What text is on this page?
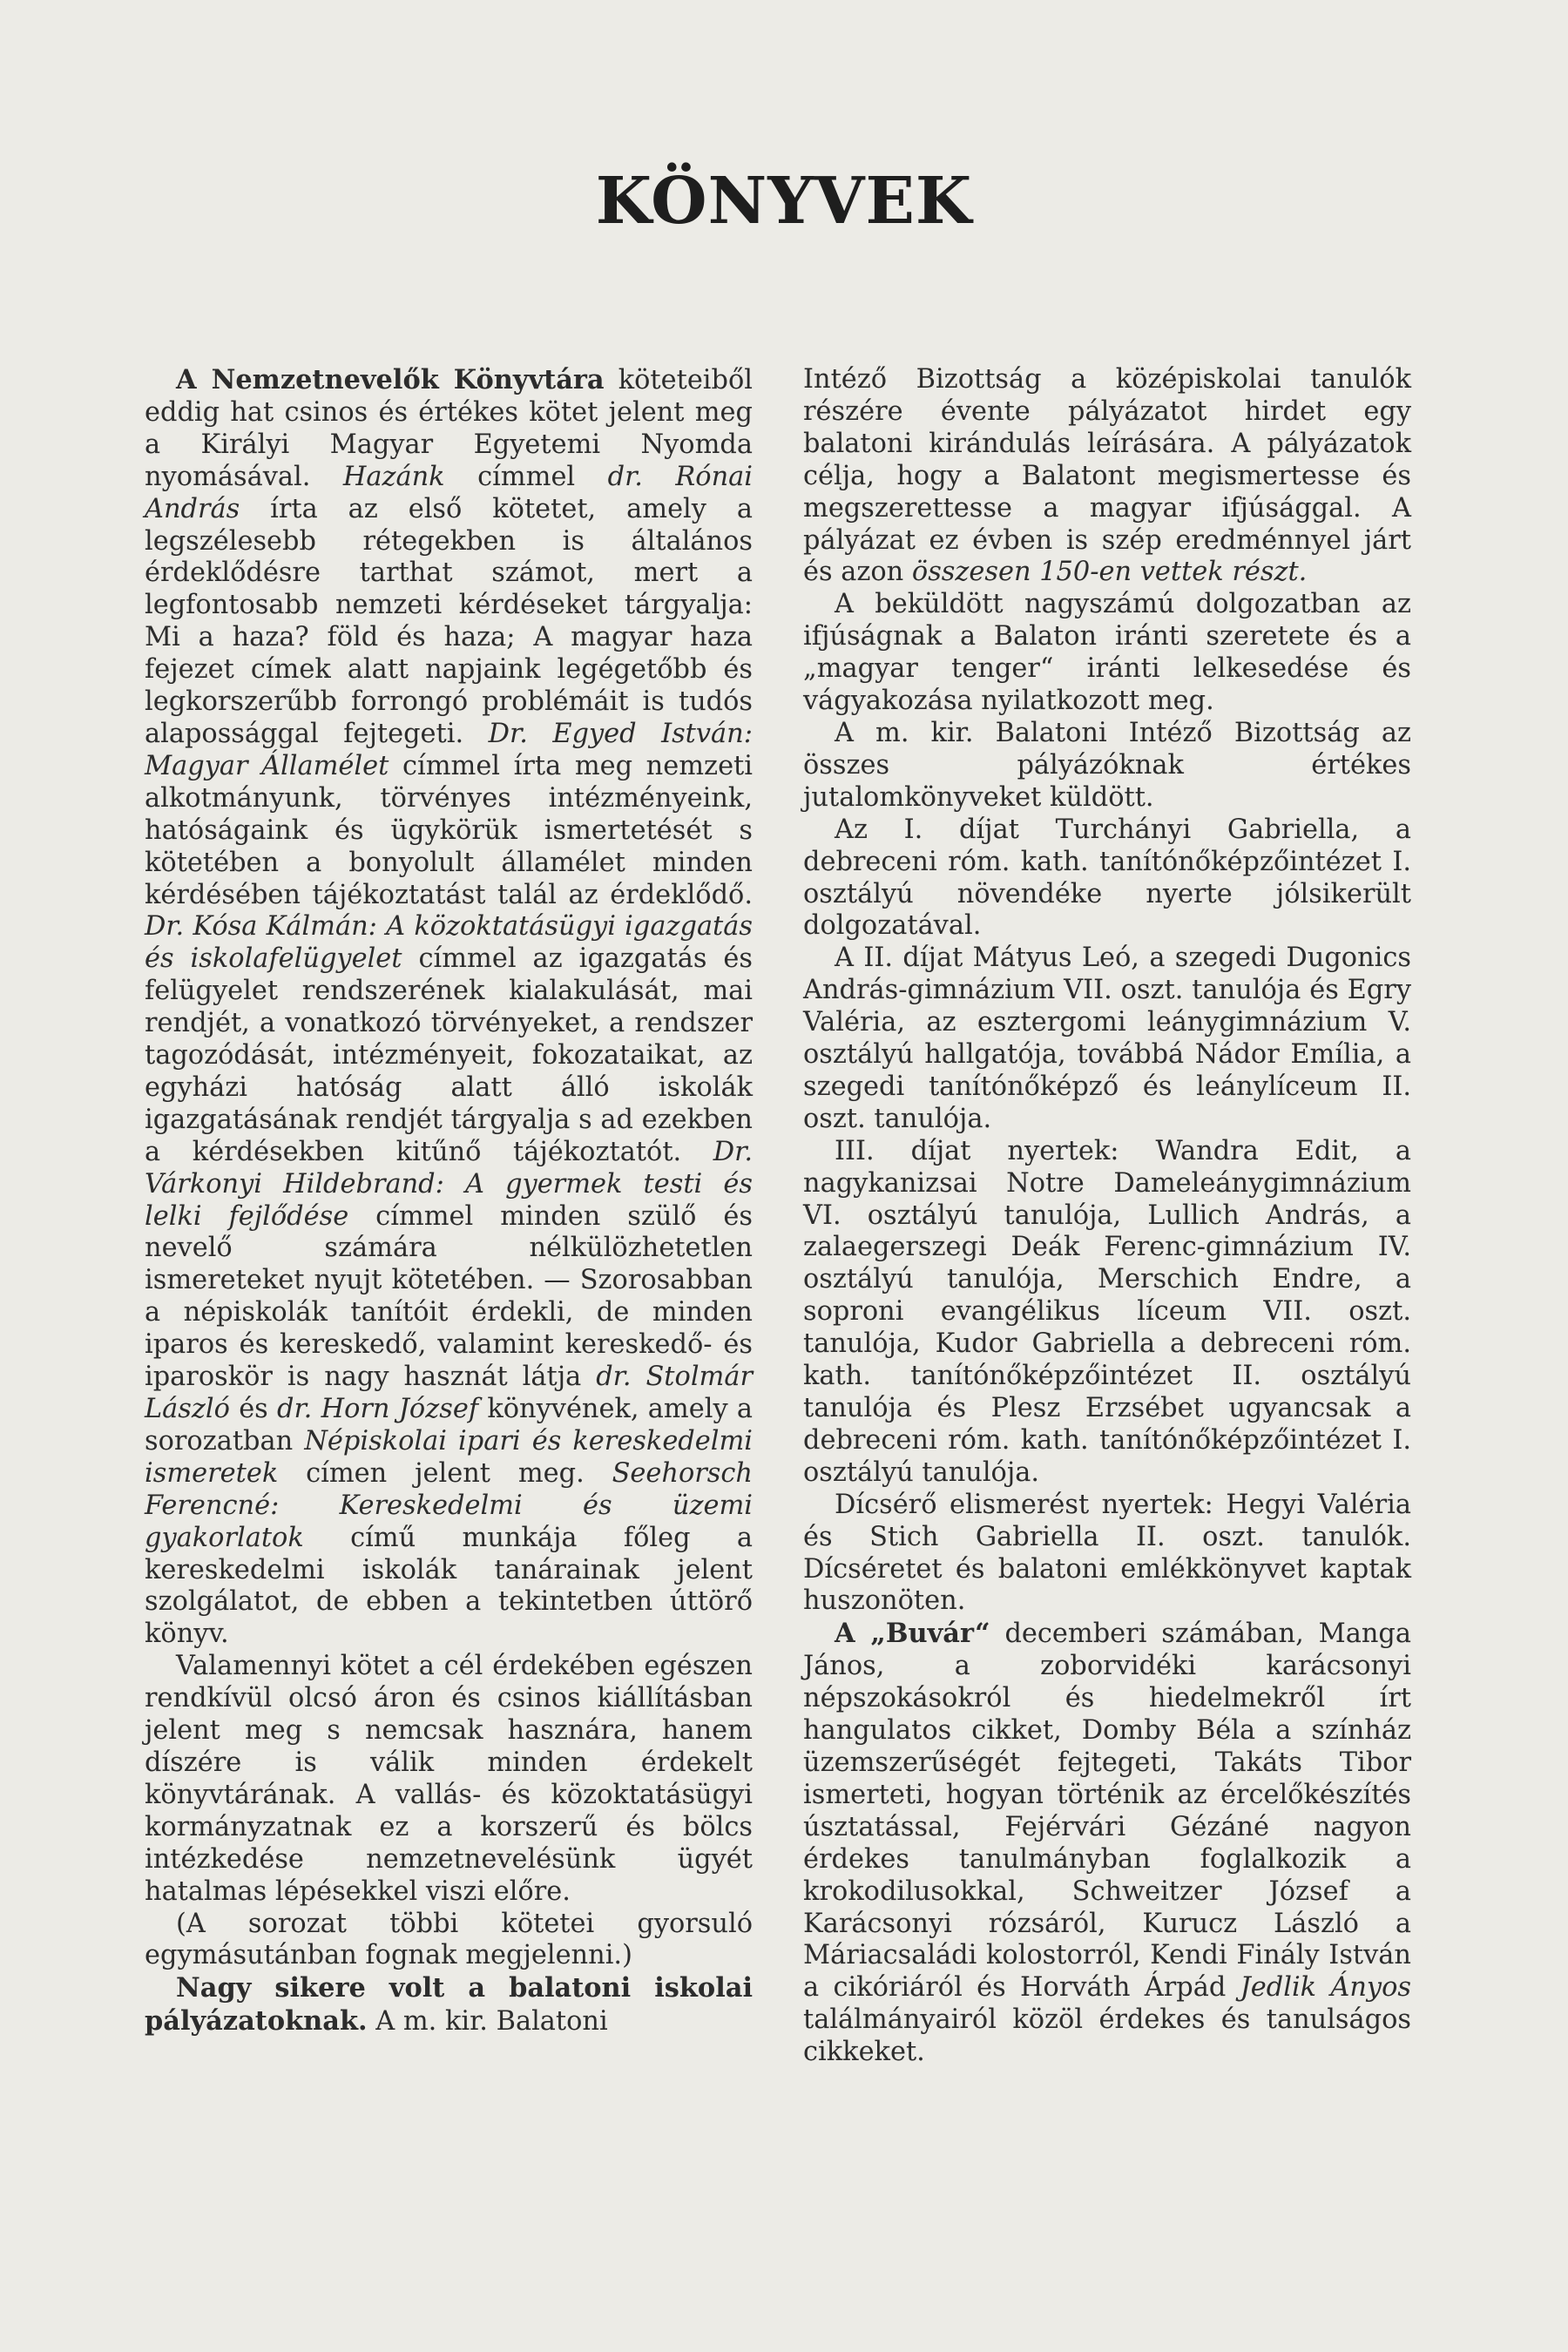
KÖNYVEK

A Nemzetnevelők Könyvtára köteteiből eddig hat csinos és értékes kötet jelent meg a Királyi Magyar Egyetemi Nyomda nyomásával. Hazánk címmel dr. Rónai András írta az első kötetet, amely a legszélesebb rétegekben is általános érdeklődésre tarthat számot, mert a legfontosabb nemzeti kérdéseket tárgyalja: Mi a haza? föld és haza; A magyar haza fejezet címek alatt napjaink legégetőbb és legkorszerűbb forrongó problémáit is tudós alapossággal fejtegeti. Dr. Egyed István: Magyar Államélet címmel írta meg nemzeti alkotmányunk, törvényes intézményeink, hatóságaink és ügykörük ismertetését s kötetében a bonyolult államélet minden kérdésében tájékoztatást talál az érdeklődő. Dr. Kósa Kálmán: A közoktatásügyi igazgatás és iskolafelügyelet címmel az igazgatás és felügyelet rendszerének kialakulását, mai rendjét, a vonatkozó törvényeket, a rendszer tagozódását, intézményeit, fokozataikat, az egyházi hatóság alatt álló iskolák igazgatásának rendjét tárgyalja s ad ezekben a kérdésekben kitűnő tájékoztatót. Dr. Várkonyi Hildebrand: A gyermek testi és lelki fejlődése címmel minden szülő és nevelő számára nélkülözhetetlen ismereteket nyujt kötetében. — Szorosabban a népiskolák tanítóit érdekli, de minden iparos és kereskedő, valamint kereskedő- és iparoskör is nagy hasznát látja dr. Stolmár László és dr. Horn József könyvének, amely a sorozatban Népiskolai ipari és kereskedelmi ismeretek címen jelent meg. Seehorsch Ferencné: Kereskedelmi és üzemi gyakorlatok című munkája főleg a kereskedelmi iskolák tanárainak jelent szolgálatot, de ebben a tekintetben úttörő könyv.

Valamennyi kötet a cél érdekében egészen rendkívül olcsó áron és csinos kiállításban jelent meg s nemcsak hasznára, hanem díszére is válik minden érdekelt könyvtárának. A vallás- és közoktatásügyi kormányzatnak ez a korszerű és bölcs intézkedése nemzetnevelésünk ügyét hatalmas lépésekkel viszi előre.

(A sorozat többi kötetei gyorsuló egymásutánban fognak megjelenni.)

Nagy sikere volt a balatoni iskolai pályázatoknak. A m. kir. Balatoni

Intéző Bizottság a középiskolai tanulók részére évente pályázatot hirdet egy balatoni kirándulás leírására. A pályázatok célja, hogy a Balatont megismertesse és megszerettesse a magyar ifjúsággal. A pályázat ez évben is szép eredménnyel járt és azon összesen 150-en vettek részt.

A beküldött nagyszámú dolgozatban az ifjúságnak a Balaton iránti szeretete és a „magyar tenger“ iránti lelkesedése és vágyakozása nyilatkozott meg.

A m. kir. Balatoni Intéző Bizottság az összes pályázóknak értékes jutalomkönyveket küldött.

Az I. díjat Turchányi Gabriella, a debreceni róm. kath. tanítónőképzőintézet I. osztályú növendéke nyerte jólsikerült dolgozatával.

A II. díjat Mátyus Leó, a szegedi Dugonics András-gimnázium VII. oszt. tanulója és Egry Valéria, az esztergomi leánygimnázium V. osztályú hallgatója, továbbá Nádor Emília, a szegedi tanítónőképző és leánylíceum II. oszt. tanulója.

III. díjat nyertek: Wandra Edit, a nagykanizsai Notre Dameleánygimnázium VI. osztályú tanulója, Lullich András, a zalaegerszegi Deák Ferenc-gimnázium IV. osztályú tanulója, Merschich Endre, a soproni evangélikus líceum VII. oszt. tanulója, Kudor Gabriella a debreceni róm. kath. tanítónőképzőintézet II. osztályú tanulója és Plesz Erzsébet ugyancsak a debreceni róm. kath. tanítónőképzőintézet I. osztályú tanulója.

Dícsérő elismerést nyertek: Hegyi Valéria és Stich Gabriella II. oszt. tanulók. Dícséretet és balatoni emlékkönyvet kaptak huszonöten.

A „Buvár“ decemberi számában, Manga János, a zoborvidéki karácsonyi népszokásokról és hiedelmekről írt hangulatos cikket, Domby Béla a színház üzemszerűségét fejtegeti, Takáts Tibor ismerteti, hogyan történik az ércelőkészítés úsztatással, Fejérvári Gézáné nagyon érdekes tanulmányban foglalkozik a krokodilusokkal, Schweitzer József a Karácsonyi rózsáról, Kurucz László a Máriacsaládi kolostorról, Kendi Finály István a cikóriáról és Horváth Árpád Jedlik Ányos találmányairól közöl érdekes és tanulságos cikkeket.
